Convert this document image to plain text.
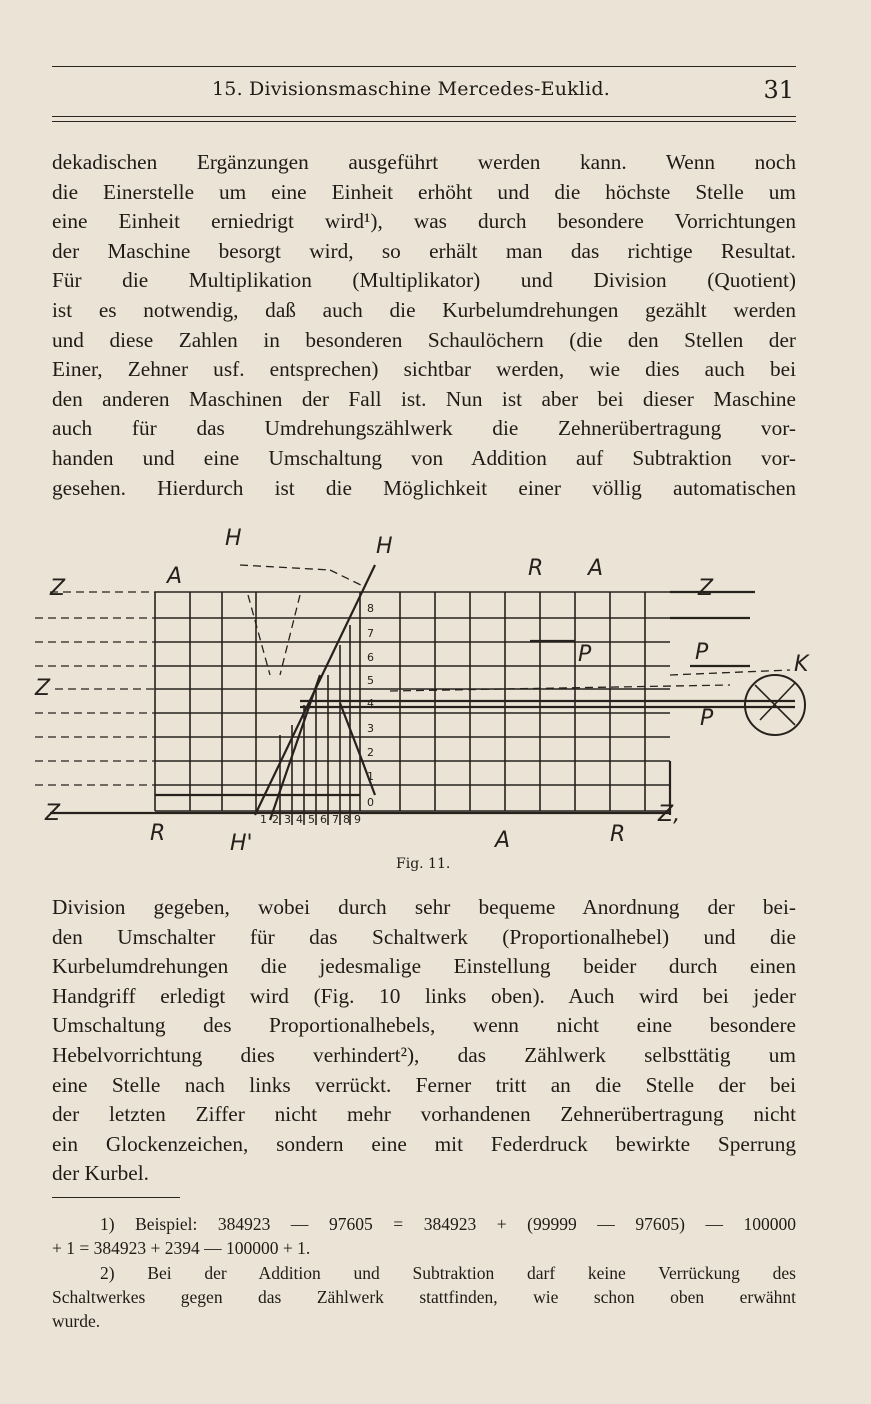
15. Divisionsmaschine Mercedes-Euklid.	31
dekadischen Ergänzungen ausgeführt werden kann. Wenn noch
die Einerstelle um eine Einheit erhöht und die höchste Stelle um
eine Einheit erniedrigt wird¹), was durch besondere Vorrichtungen
der Maschine besorgt wird, so erhält man das richtige Resultat.
Für die Multiplikation (Multiplikator) und Division (Quotient)
ist es notwendig, daß auch die Kurbelumdrehungen gezählt werden
und diese Zahlen in besonderen Schaulöchern (die den Stellen der
Einer, Zehner usf. entsprechen) sichtbar werden, wie dies auch bei
den anderen Maschinen der Fall ist. Nun ist aber bei dieser Maschine
auch für das Umdrehungszählwerk die Zehnerübertragung vor-
handen und eine Umschaltung von Addition auf Subtraktion vor-
gesehen. Hierdurch ist die Möglichkeit einer völlig automatischen
H	H
A	R A
Z
Z
Z
Z
R	A	R
Z,
P	P
P
K
H'
8
7
6
5
4
3
2
1
0
1 2 3 4 5 6 7 8 9
Fig. 11.
Division gegeben, wobei durch sehr bequeme Anordnung der bei-
den Umschalter für das Schaltwerk (Proportionalhebel) und die
Kurbelumdrehungen die jedesmalige Einstellung beider durch einen
Handgriff erledigt wird (Fig. 10 links oben). Auch wird bei jeder
Umschaltung des Proportionalhebels, wenn nicht eine besondere
Hebelvorrichtung dies verhindert²), das Zählwerk selbsttätig um
eine Stelle nach links verrückt. Ferner tritt an die Stelle der bei
der letzten Ziffer nicht mehr vorhandenen Zehnerübertragung nicht
ein Glockenzeichen, sondern eine mit Federdruck bewirkte Sperrung
der Kurbel.
1) Beispiel: 384923 — 97605 = 384923 + (99999 — 97605) — 100000
+ 1 = 384923 + 2394 — 100000 + 1.
2) Bei der Addition und Subtraktion darf keine Verrückung des
Schaltwerkes gegen das Zählwerk stattfinden, wie schon oben erwähnt
wurde.
